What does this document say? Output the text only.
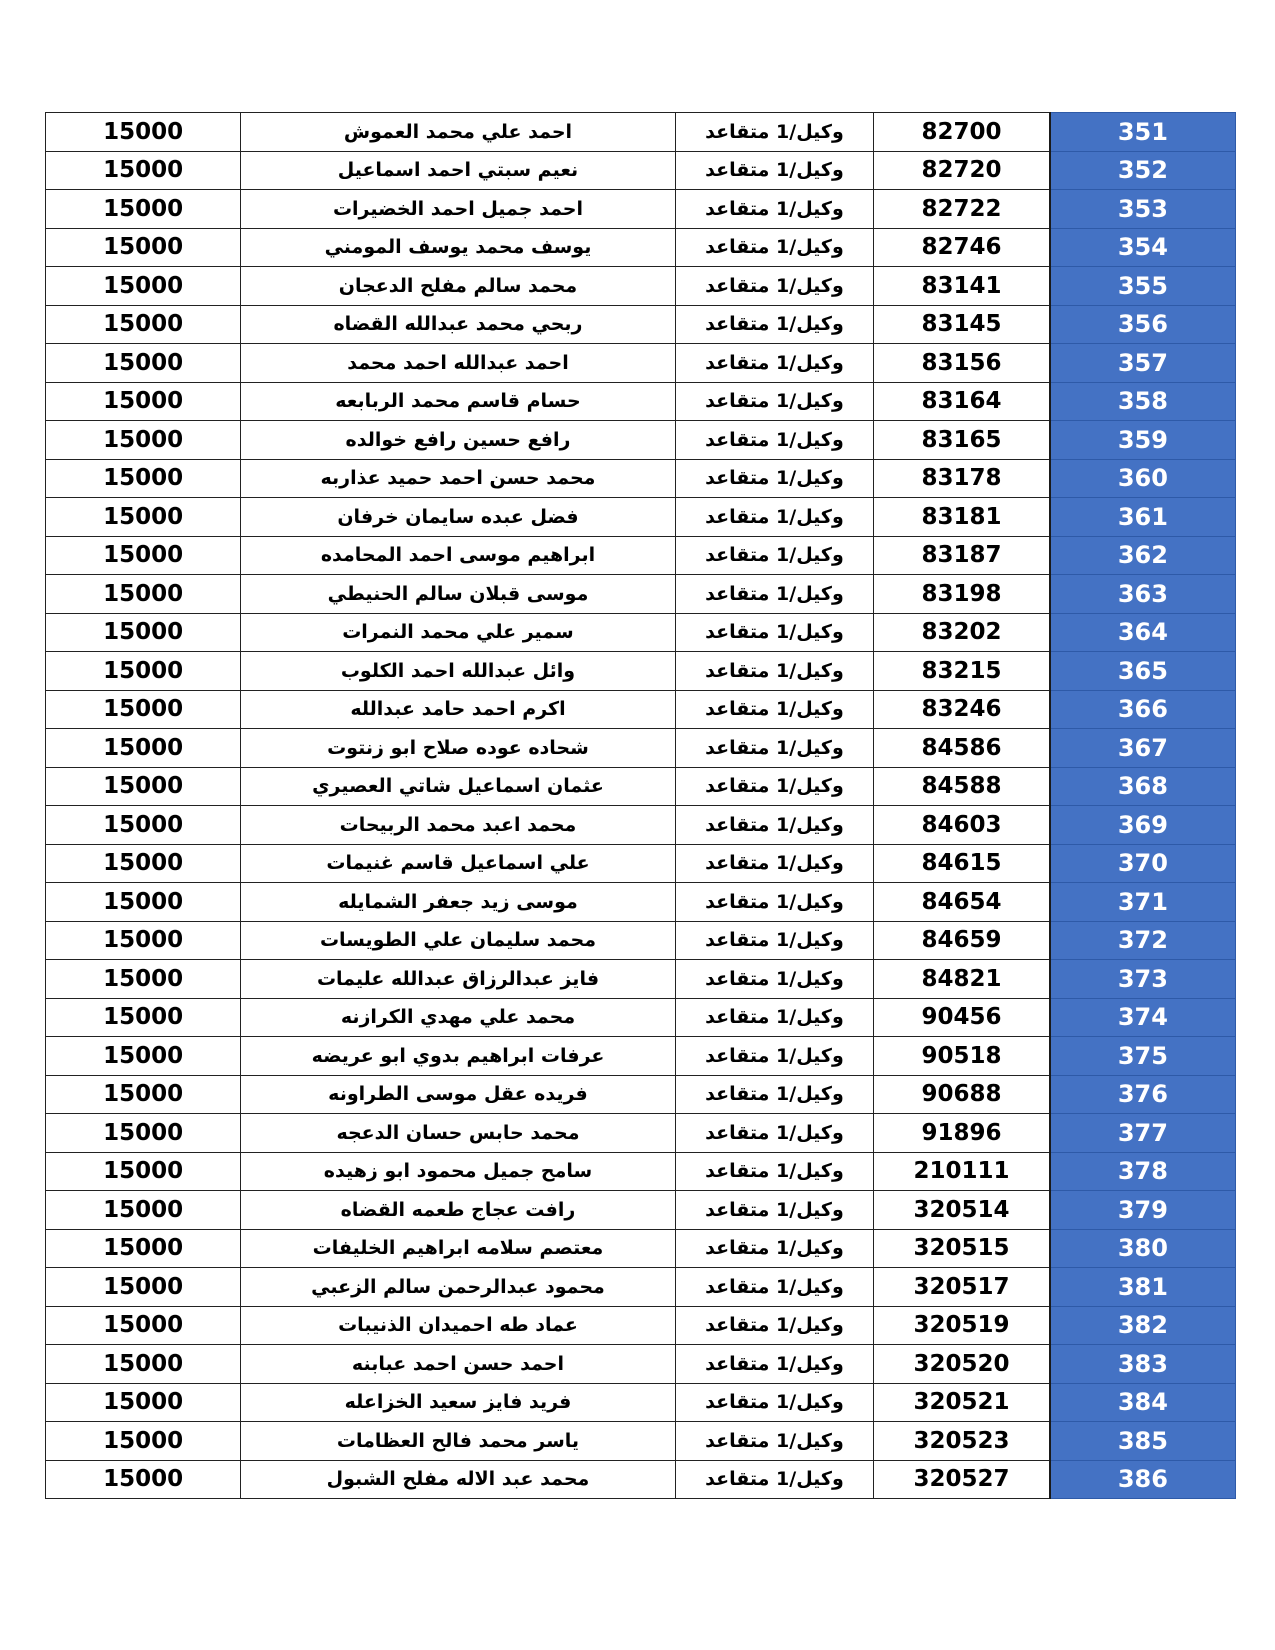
15000	احمد علي محمد العموش	وكيل/1 متقاعد	82700	351
15000	نعيم سبتي احمد اسماعيل	وكيل/1 متقاعد	82720	352
15000	احمد جميل احمد الخضيرات	وكيل/1 متقاعد	82722	353
15000	يوسف محمد يوسف المومني	وكيل/1 متقاعد	82746	354
15000	محمد سالم مفلح الدعجان	وكيل/1 متقاعد	83141	355
15000	ربحي محمد عبدالله القضاه	وكيل/1 متقاعد	83145	356
15000	احمد عبدالله احمد محمد	وكيل/1 متقاعد	83156	357
15000	حسام قاسم محمد الربابعه	وكيل/1 متقاعد	83164	358
15000	رافع حسين رافع خوالده	وكيل/1 متقاعد	83165	359
15000	محمد حسن احمد حميد عذاربه	وكيل/1 متقاعد	83178	360
15000	فضل عبده سايمان خرفان	وكيل/1 متقاعد	83181	361
15000	ابراهيم موسى احمد المحامده	وكيل/1 متقاعد	83187	362
15000	موسى قبلان سالم الحنيطي	وكيل/1 متقاعد	83198	363
15000	سمير علي محمد النمرات	وكيل/1 متقاعد	83202	364
15000	وائل عبدالله احمد الكلوب	وكيل/1 متقاعد	83215	365
15000	اكرم احمد حامد عبدالله	وكيل/1 متقاعد	83246	366
15000	شحاده عوده صلاح ابو زنتوت	وكيل/1 متقاعد	84586	367
15000	عثمان اسماعيل شاتي العصيري	وكيل/1 متقاعد	84588	368
15000	محمد اعبد محمد الربيحات	وكيل/1 متقاعد	84603	369
15000	علي اسماعيل قاسم غنيمات	وكيل/1 متقاعد	84615	370
15000	موسى زيد جعفر الشمايله	وكيل/1 متقاعد	84654	371
15000	محمد سليمان علي الطويسات	وكيل/1 متقاعد	84659	372
15000	فايز عبدالرزاق عبدالله عليمات	وكيل/1 متقاعد	84821	373
15000	محمد علي مهدي الكرازنه	وكيل/1 متقاعد	90456	374
15000	عرفات ابراهيم بدوي ابو عريضه	وكيل/1 متقاعد	90518	375
15000	فريده عقل موسى الطراونه	وكيل/1 متقاعد	90688	376
15000	محمد حابس حسان الدعجه	وكيل/1 متقاعد	91896	377
15000	سامح جميل محمود ابو زهيده	وكيل/1 متقاعد	210111	378
15000	رافت عجاج طعمه القضاه	وكيل/1 متقاعد	320514	379
15000	معتصم سلامه ابراهيم الخليفات	وكيل/1 متقاعد	320515	380
15000	محمود عبدالرحمن سالم الزعبي	وكيل/1 متقاعد	320517	381
15000	عماد طه احميدان الذنيبات	وكيل/1 متقاعد	320519	382
15000	احمد حسن احمد عبابنه	وكيل/1 متقاعد	320520	383
15000	فريد فايز سعيد الخزاعله	وكيل/1 متقاعد	320521	384
15000	ياسر محمد فالح العظامات	وكيل/1 متقاعد	320523	385
15000	محمد عبد الاله مفلح الشبول	وكيل/1 متقاعد	320527	386
